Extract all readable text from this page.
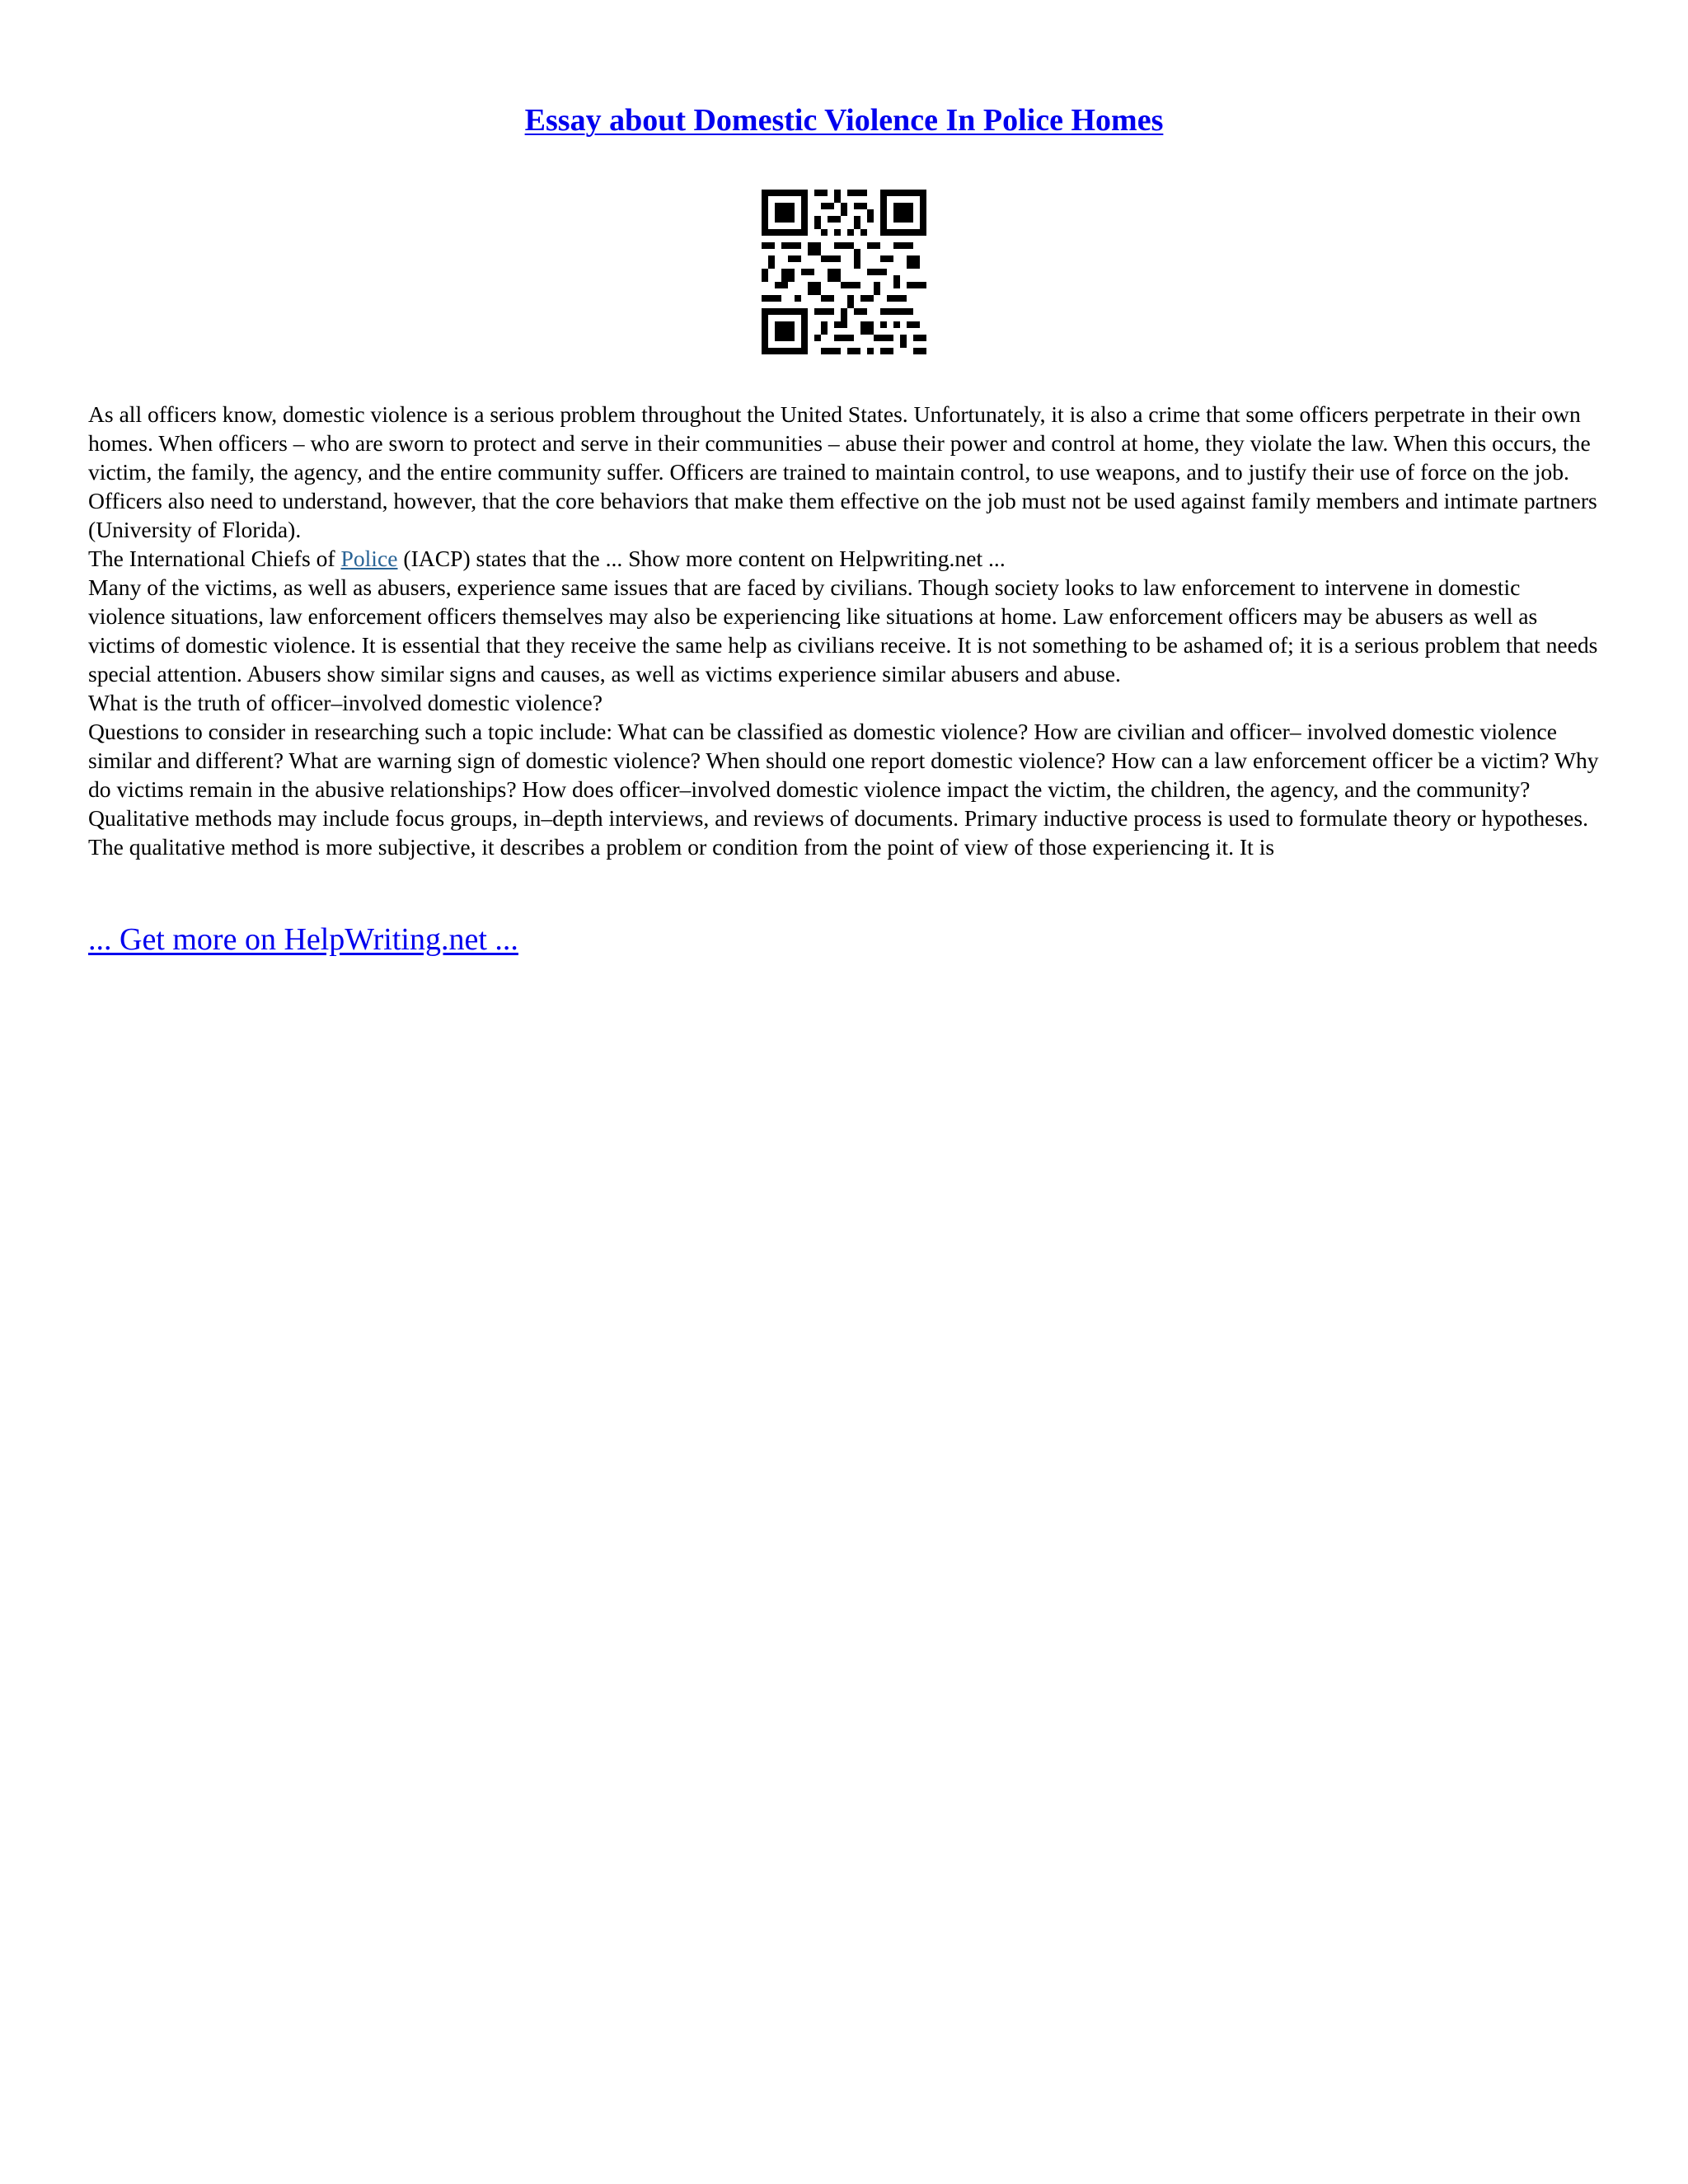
Essay about Domestic Violence In Police Homes

As all officers know, domestic violence is a serious problem throughout the United States. Unfortunately, it is also a crime that some officers perpetrate in their own homes. When officers – who are sworn to protect and serve in their communities – abuse their power and control at home, they violate the law. When this occurs, the victim, the family, the agency, and the entire community suffer. Officers are trained to maintain control, to use weapons, and to justify their use of force on the job. Officers also need to understand, however, that the core behaviors that make them effective on the job must not be used against family members and intimate partners (University of Florida).

The International Chiefs of Police (IACP) states that the ... Show more content on Helpwriting.net ...

Many of the victims, as well as abusers, experience same issues that are faced by civilians. Though society looks to law enforcement to intervene in domestic violence situations, law enforcement officers themselves may also be experiencing like situations at home. Law enforcement officers may be abusers as well as victims of domestic violence. It is essential that they receive the same help as civilians receive. It is not something to be ashamed of; it is a serious problem that needs special attention. Abusers show similar signs and causes, as well as victims experience similar abusers and abuse.

What is the truth of officer–involved domestic violence?

Questions to consider in researching such a topic include: What can be classified as domestic violence? How are civilian and officer– involved domestic violence similar and different? What are warning sign of domestic violence? When should one report domestic violence? How can a law enforcement officer be a victim? Why do victims remain in the abusive relationships? How does officer–involved domestic violence impact the victim, the children, the agency, and the community?

Qualitative methods may include focus groups, in–depth interviews, and reviews of documents. Primary inductive process is used to formulate theory or hypotheses. The qualitative method is more subjective, it describes a problem or condition from the point of view of those experiencing it. It is

... Get more on HelpWriting.net ...
